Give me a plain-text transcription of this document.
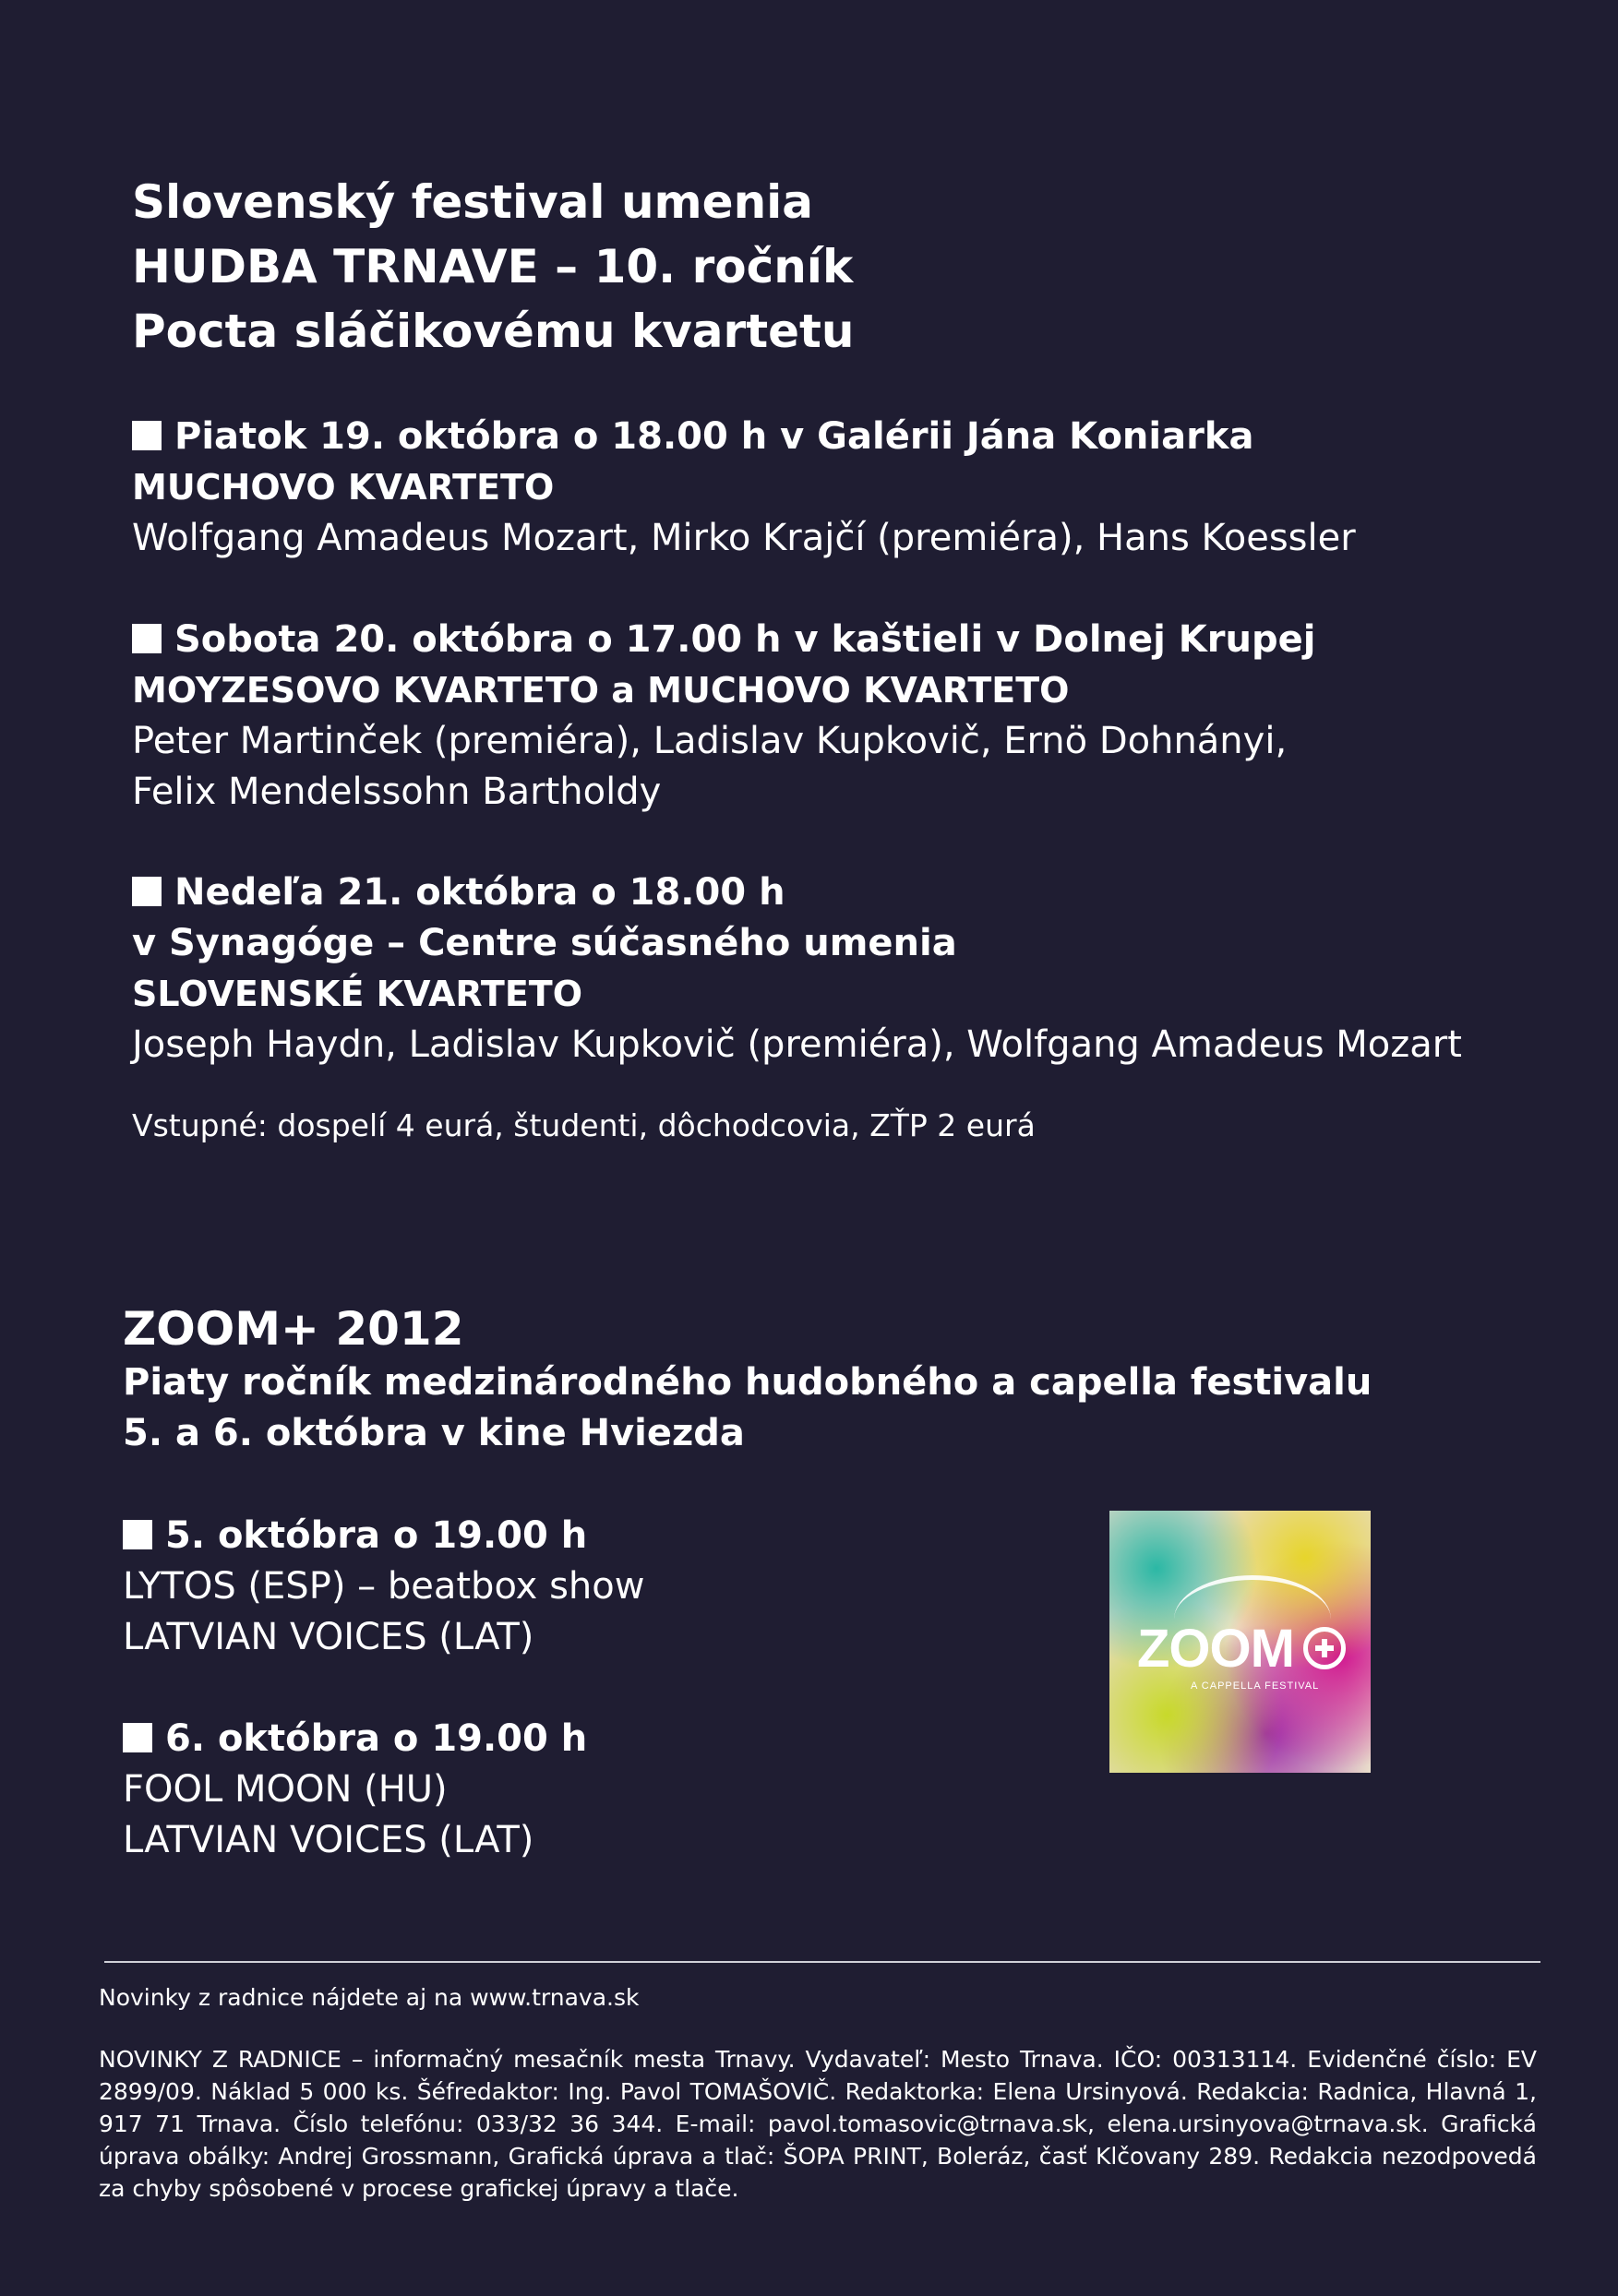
Slovenský festival umenia
HUDBA TRNAVE – 10. ročník
Pocta sláčikovému kvartetu
Piatok 19. októbra o 18.00 h v Galérii Jána Koniarka
MUCHOVO KVARTETO
Wolfgang Amadeus Mozart, Mirko Krajčí (premiéra), Hans Koessler
Sobota 20. októbra o 17.00 h v kaštieli v Dolnej Krupej
MOYZESOVO KVARTETO a MUCHOVO KVARTETO
Peter Martinček (premiéra), Ladislav Kupkovič, Ernö Dohnányi,
Felix Mendelssohn Bartholdy
Nedeľa 21. októbra o 18.00 h
v Synagóge – Centre súčasného umenia
SLOVENSKÉ KVARTETO
Joseph Haydn, Ladislav Kupkovič (premiéra), Wolfgang Amadeus Mozart
Vstupné: dospelí 4 eurá, študenti, dôchodcovia, ZŤP 2 eurá
ZOOM+ 2012
Piaty ročník medzinárodného hudobného a capella festivalu
5. a 6. októbra v kine Hviezda
5. októbra o 19.00 h
LYTOS (ESP) – beatbox show
LATVIAN VOICES (LAT)
6. októbra o 19.00 h
FOOL MOON (HU)
LATVIAN VOICES (LAT)
ZOOM
A CAPPELLA FESTIVAL
Novinky z radnice nájdete aj na www.trnava.sk
NOVINKY Z RADNICE – informačný mesačník mesta Trnavy. Vydavateľ: Mesto Trnava. IČO: 00313114. Evidenčné číslo: EV 2899/09. Náklad 5 000 ks. Šéfredaktor: Ing. Pavol TOMAŠOVIČ. Redaktorka: Elena Ursinyová. Redakcia: Radnica, Hlavná 1, 917 71 Trnava. Číslo telefónu: 033/32 36 344. E-mail: pavol.tomasovic@trnava.sk, elena.ursinyova@trnava.sk. Grafická úprava obálky: Andrej Grossmann, Grafická úprava a tlač: ŠOPA PRINT, Boleráz, časť Klčovany 289. Redakcia nezodpovedá za chyby spôsobené v procese grafickej úpravy a tlače.
